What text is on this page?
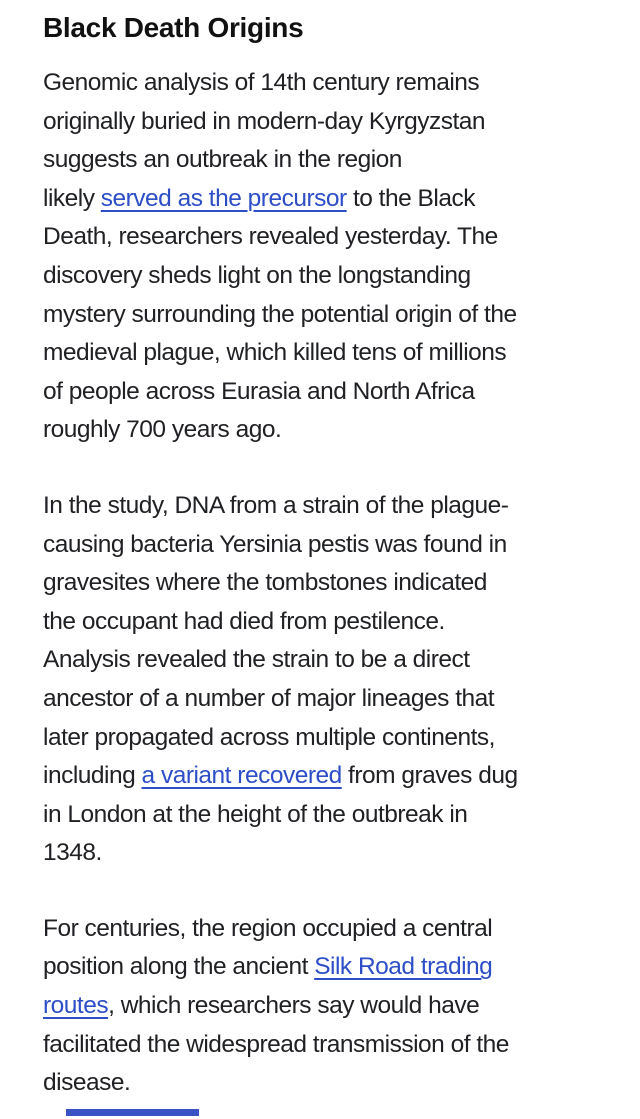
Black Death Origins
Genomic analysis of 14th century remains
originally buried in modern-day Kyrgyzstan
suggests an outbreak in the region
likely served as the precursor to the Black
Death, researchers revealed yesterday. The
discovery sheds light on the longstanding
mystery surrounding the potential origin of the
medieval plague, which killed tens of millions
of people across Eurasia and North Africa
roughly 700 years ago.
In the study, DNA from a strain of the plague-
causing bacteria Yersinia pestis was found in
gravesites where the tombstones indicated
the occupant had died from pestilence.
Analysis revealed the strain to be a direct
ancestor of a number of major lineages that
later propagated across multiple continents,
including a variant recovered from graves dug
in London at the height of the outbreak in
1348.
For centuries, the region occupied a central
position along the ancient Silk Road trading
routes, which researchers say would have
facilitated the widespread transmission of the
disease.
